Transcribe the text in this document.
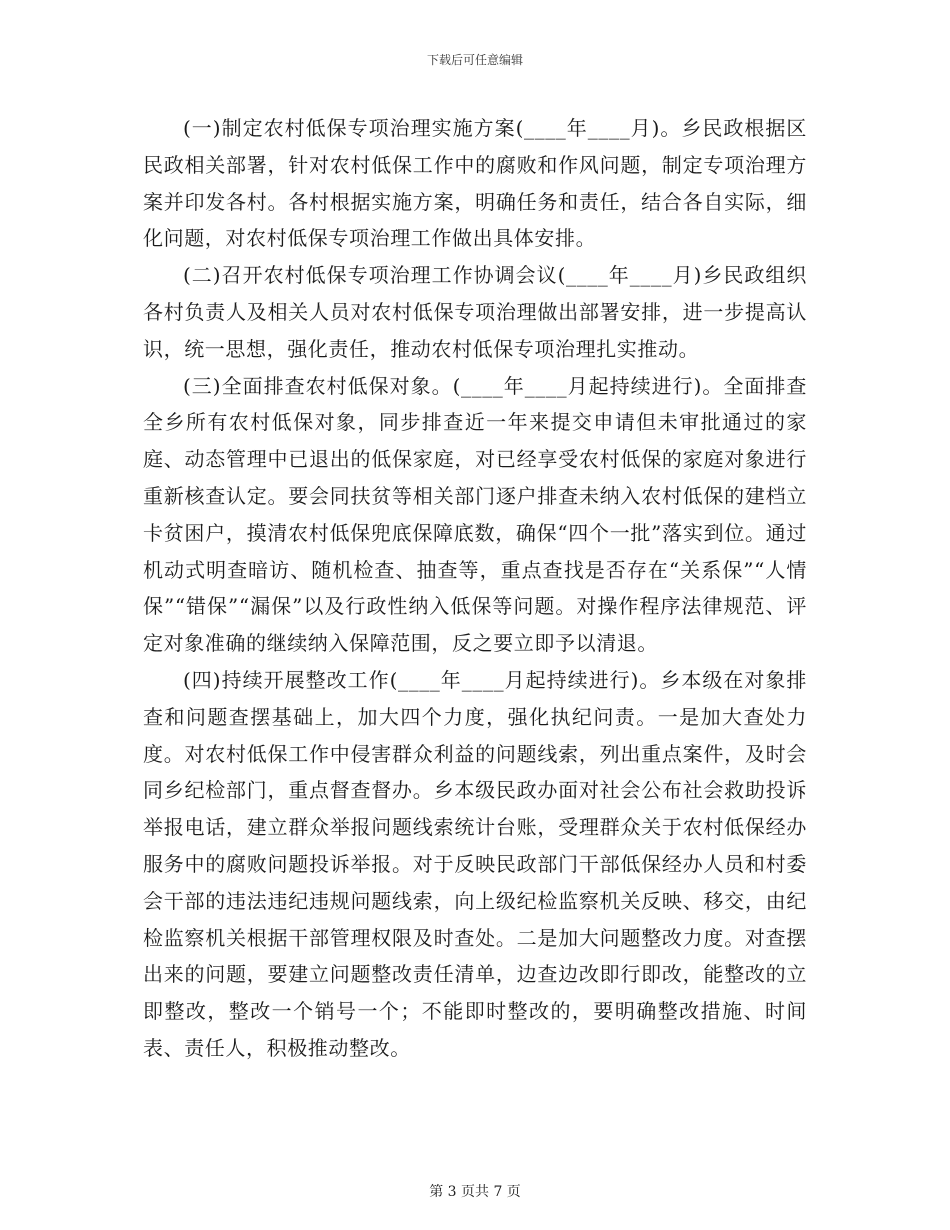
下载后可任意编辑

(一)制定农村低保专项治理实施方案(____年____月)。乡民政根据区民政相关部署，针对农村低保工作中的腐败和作风问题，制定专项治理方案并印发各村。各村根据实施方案，明确任务和责任，结合各自实际，细化问题，对农村低保专项治理工作做出具体安排。

(二)召开农村低保专项治理工作协调会议(____年____月)乡民政组织各村负责人及相关人员对农村低保专项治理做出部署安排，进一步提高认识，统一思想，强化责任，推动农村低保专项治理扎实推动。

(三)全面排查农村低保对象。(____年____月起持续进行)。全面排查全乡所有农村低保对象，同步排查近一年来提交申请但未审批通过的家庭、动态管理中已退出的低保家庭，对已经享受农村低保的家庭对象进行重新核查认定。要会同扶贫等相关部门逐户排查未纳入农村低保的建档立卡贫困户，摸清农村低保兜底保障底数，确保“四个一批”落实到位。通过机动式明查暗访、随机检查、抽查等，重点查找是否存在“关系保”“人情保”“错保”“漏保”以及行政性纳入低保等问题。对操作程序法律规范、评定对象准确的继续纳入保障范围，反之要立即予以清退。

(四)持续开展整改工作(____年____月起持续进行)。乡本级在对象排查和问题查摆基础上，加大四个力度，强化执纪问责。一是加大查处力度。对农村低保工作中侵害群众利益的问题线索，列出重点案件，及时会同乡纪检部门，重点督查督办。乡本级民政办面对社会公布社会救助投诉举报电话，建立群众举报问题线索统计台账，受理群众关于农村低保经办服务中的腐败问题投诉举报。对于反映民政部门干部低保经办人员和村委会干部的违法违纪违规问题线索，向上级纪检监察机关反映、移交，由纪检监察机关根据干部管理权限及时查处。二是加大问题整改力度。对查摆出来的问题，要建立问题整改责任清单，边查边改即行即改，能整改的立即整改，整改一个销号一个；不能即时整改的，要明确整改措施、时间表、责任人，积极推动整改。

第 3 页共 7 页
